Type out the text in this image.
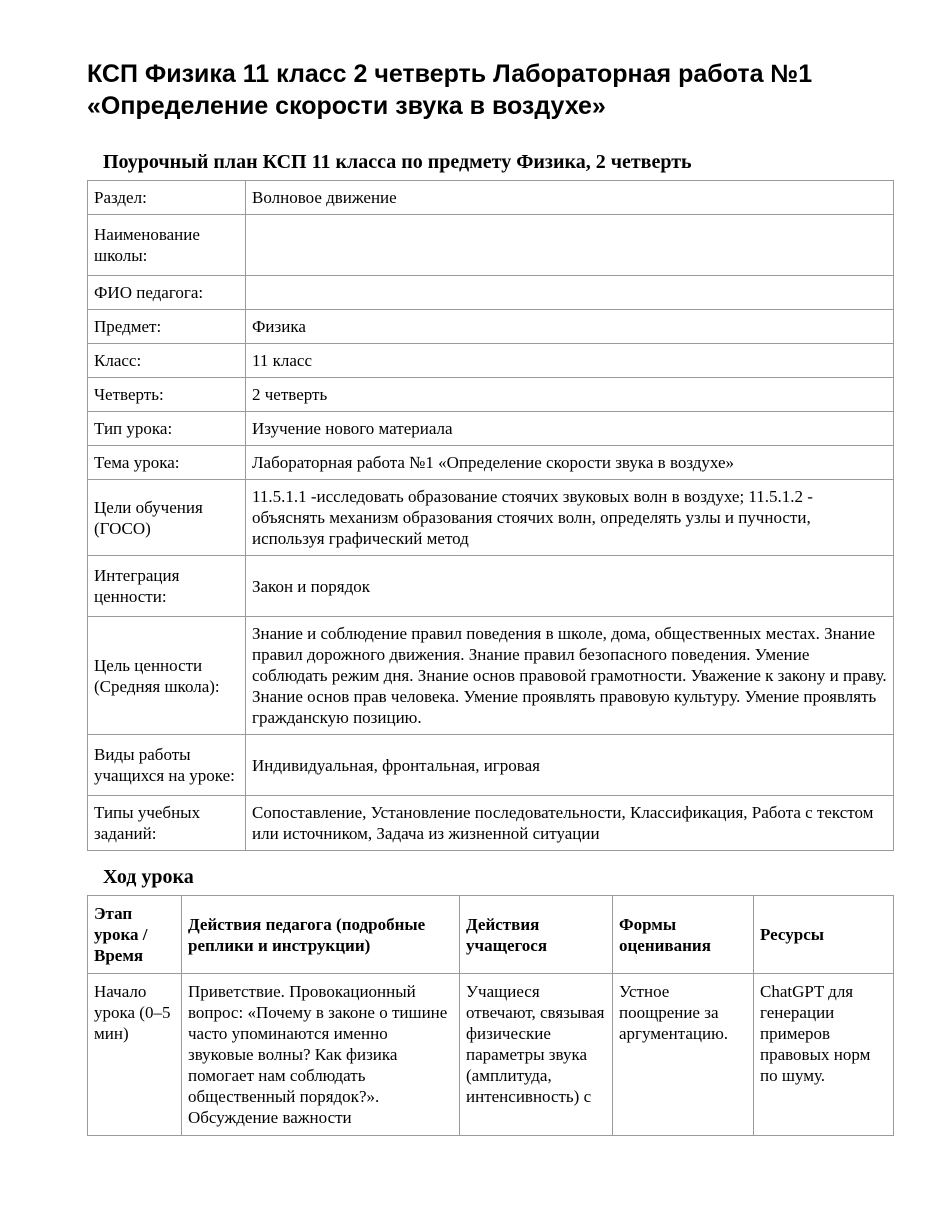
КСП Физика 11 класс 2 четверть Лабораторная работа №1 «Определение скорости звука в воздухе»
Поурочный план КСП 11 класса по предмету Физика, 2 четверть
Раздел:	Волновое движение
Наименование школы:	
ФИО педагога:	
Предмет:	Физика
Класс:	11 класс
Четверть:	2 четверть
Тип урока:	Изучение нового материала
Тема урока:	Лабораторная работа №1 «Определение скорости звука в воздухе»
Цели обучения (ГОСО)	11.5.1.1 -исследовать образование стоячих звуковых волн в воздухе; 11.5.1.2 - объяснять механизм образования стоячих волн, определять узлы и пучности, используя графический метод
Интеграция ценности:	Закон и порядок
Цель ценности (Средняя школа):	Знание и соблюдение правил поведения в школе, дома, общественных местах. Знание правил дорожного движения. Знание правил безопасного поведения. Умение соблюдать режим дня. Знание основ правовой грамотности. Уважение к закону и праву. Знание основ прав человека. Умение проявлять правовую культуру. Умение проявлять гражданскую позицию.
Виды работы учащихся на уроке:	Индивидуальная, фронтальная, игровая
Типы учебных заданий:	Сопоставление, Установление последовательности, Классификация, Работа с текстом или источником, Задача из жизненной ситуации
Ход урока
Этап урока / Время	Действия педагога (подробные реплики и инструкции)	Действия учащегося	Формы оценивания	Ресурсы
Начало урока (0–5 мин)	Приветствие. Провокационный вопрос: «Почему в законе о тишине часто упоминаются именно звуковые волны? Как физика помогает нам соблюдать общественный порядок?». Обсуждение важности	Учащиеся отвечают, связывая физические параметры звука (амплитуда, интенсивность) с	Устное поощрение за аргументацию.	ChatGPT для генерации примеров правовых норм по шуму.
